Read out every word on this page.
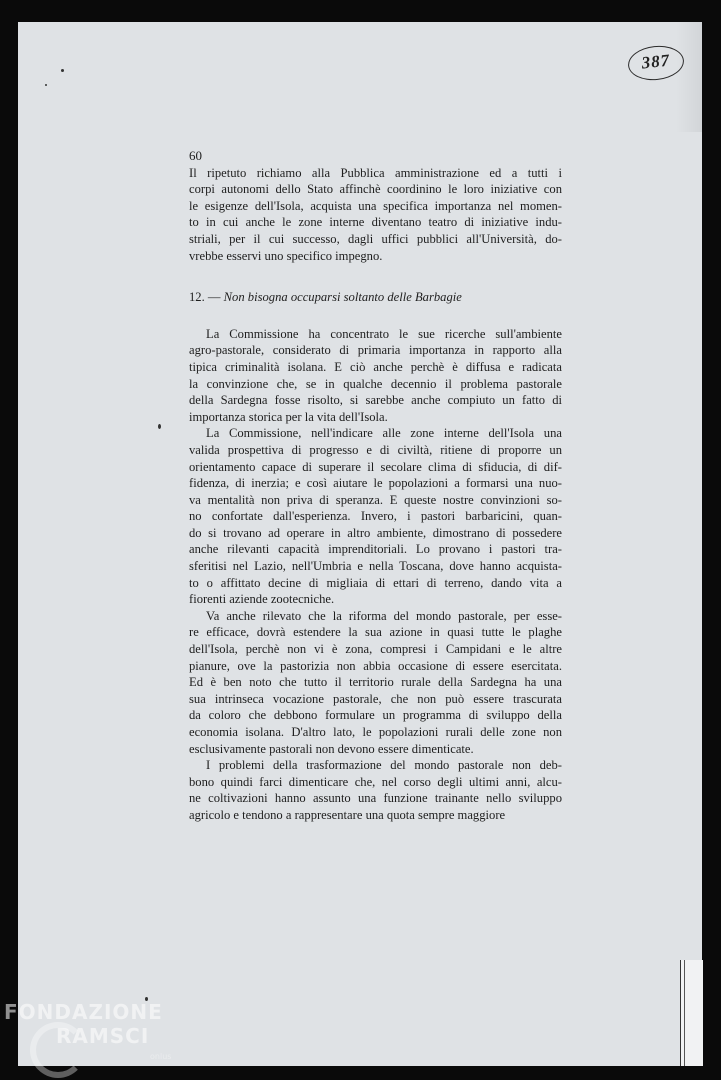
387

60

Il ripetuto richiamo alla Pubblica amministrazione ed a tutti i
corpi autonomi dello Stato affinchè coordinino le loro iniziative con
le esigenze dell'Isola, acquista una specifica importanza nel momen-
to in cui anche le zone interne diventano teatro di iniziative indu-
striali, per il cui successo, dagli uffici pubblici all'Università, do-
vrebbe esservi uno specifico impegno.

12. — Non bisogna occuparsi soltanto delle Barbagie

La Commissione ha concentrato le sue ricerche sull'ambiente
agro-pastorale, considerato di primaria importanza in rapporto alla
tipica criminalità isolana. E ciò anche perchè è diffusa e radicata
la convinzione che, se in qualche decennio il problema pastorale
della Sardegna fosse risolto, si sarebbe anche compiuto un fatto di
importanza storica per la vita dell'Isola.

La Commissione, nell'indicare alle zone interne dell'Isola una
valida prospettiva di progresso e di civiltà, ritiene di proporre un
orientamento capace di superare il secolare clima di sfiducia, di dif-
fidenza, di inerzia; e così aiutare le popolazioni a formarsi una nuo-
va mentalità non priva di speranza. E queste nostre convinzioni so-
no confortate dall'esperienza. Invero, i pastori barbaricini, quan-
do si trovano ad operare in altro ambiente, dimostrano di possedere
anche rilevanti capacità imprenditoriali. Lo provano i pastori tra-
sferitisi nel Lazio, nell'Umbria e nella Toscana, dove hanno acquista-
to o affittato decine di migliaia di ettari di terreno, dando vita a
fiorenti aziende zootecniche.

Va anche rilevato che la riforma del mondo pastorale, per esse-
re efficace, dovrà estendere la sua azione in quasi tutte le plaghe
dell'Isola, perchè non vi è zona, compresi i Campidani e le altre
pianure, ove la pastorizia non abbia occasione di essere esercitata.
Ed è ben noto che tutto il territorio rurale della Sardegna ha una
sua intrinseca vocazione pastorale, che non può essere trascurata
da coloro che debbono formulare un programma di sviluppo della
economia isolana. D'altro lato, le popolazioni rurali delle zone non
esclusivamente pastorali non devono essere dimenticate.

I problemi della trasformazione del mondo pastorale non deb-
bono quindi farci dimenticare che, nel corso degli ultimi anni, alcu-
ne coltivazioni hanno assunto una funzione trainante nello sviluppo
agricolo e tendono a rappresentare una quota sempre maggiore

FONDAZIONE
RAMSCI
onlus
